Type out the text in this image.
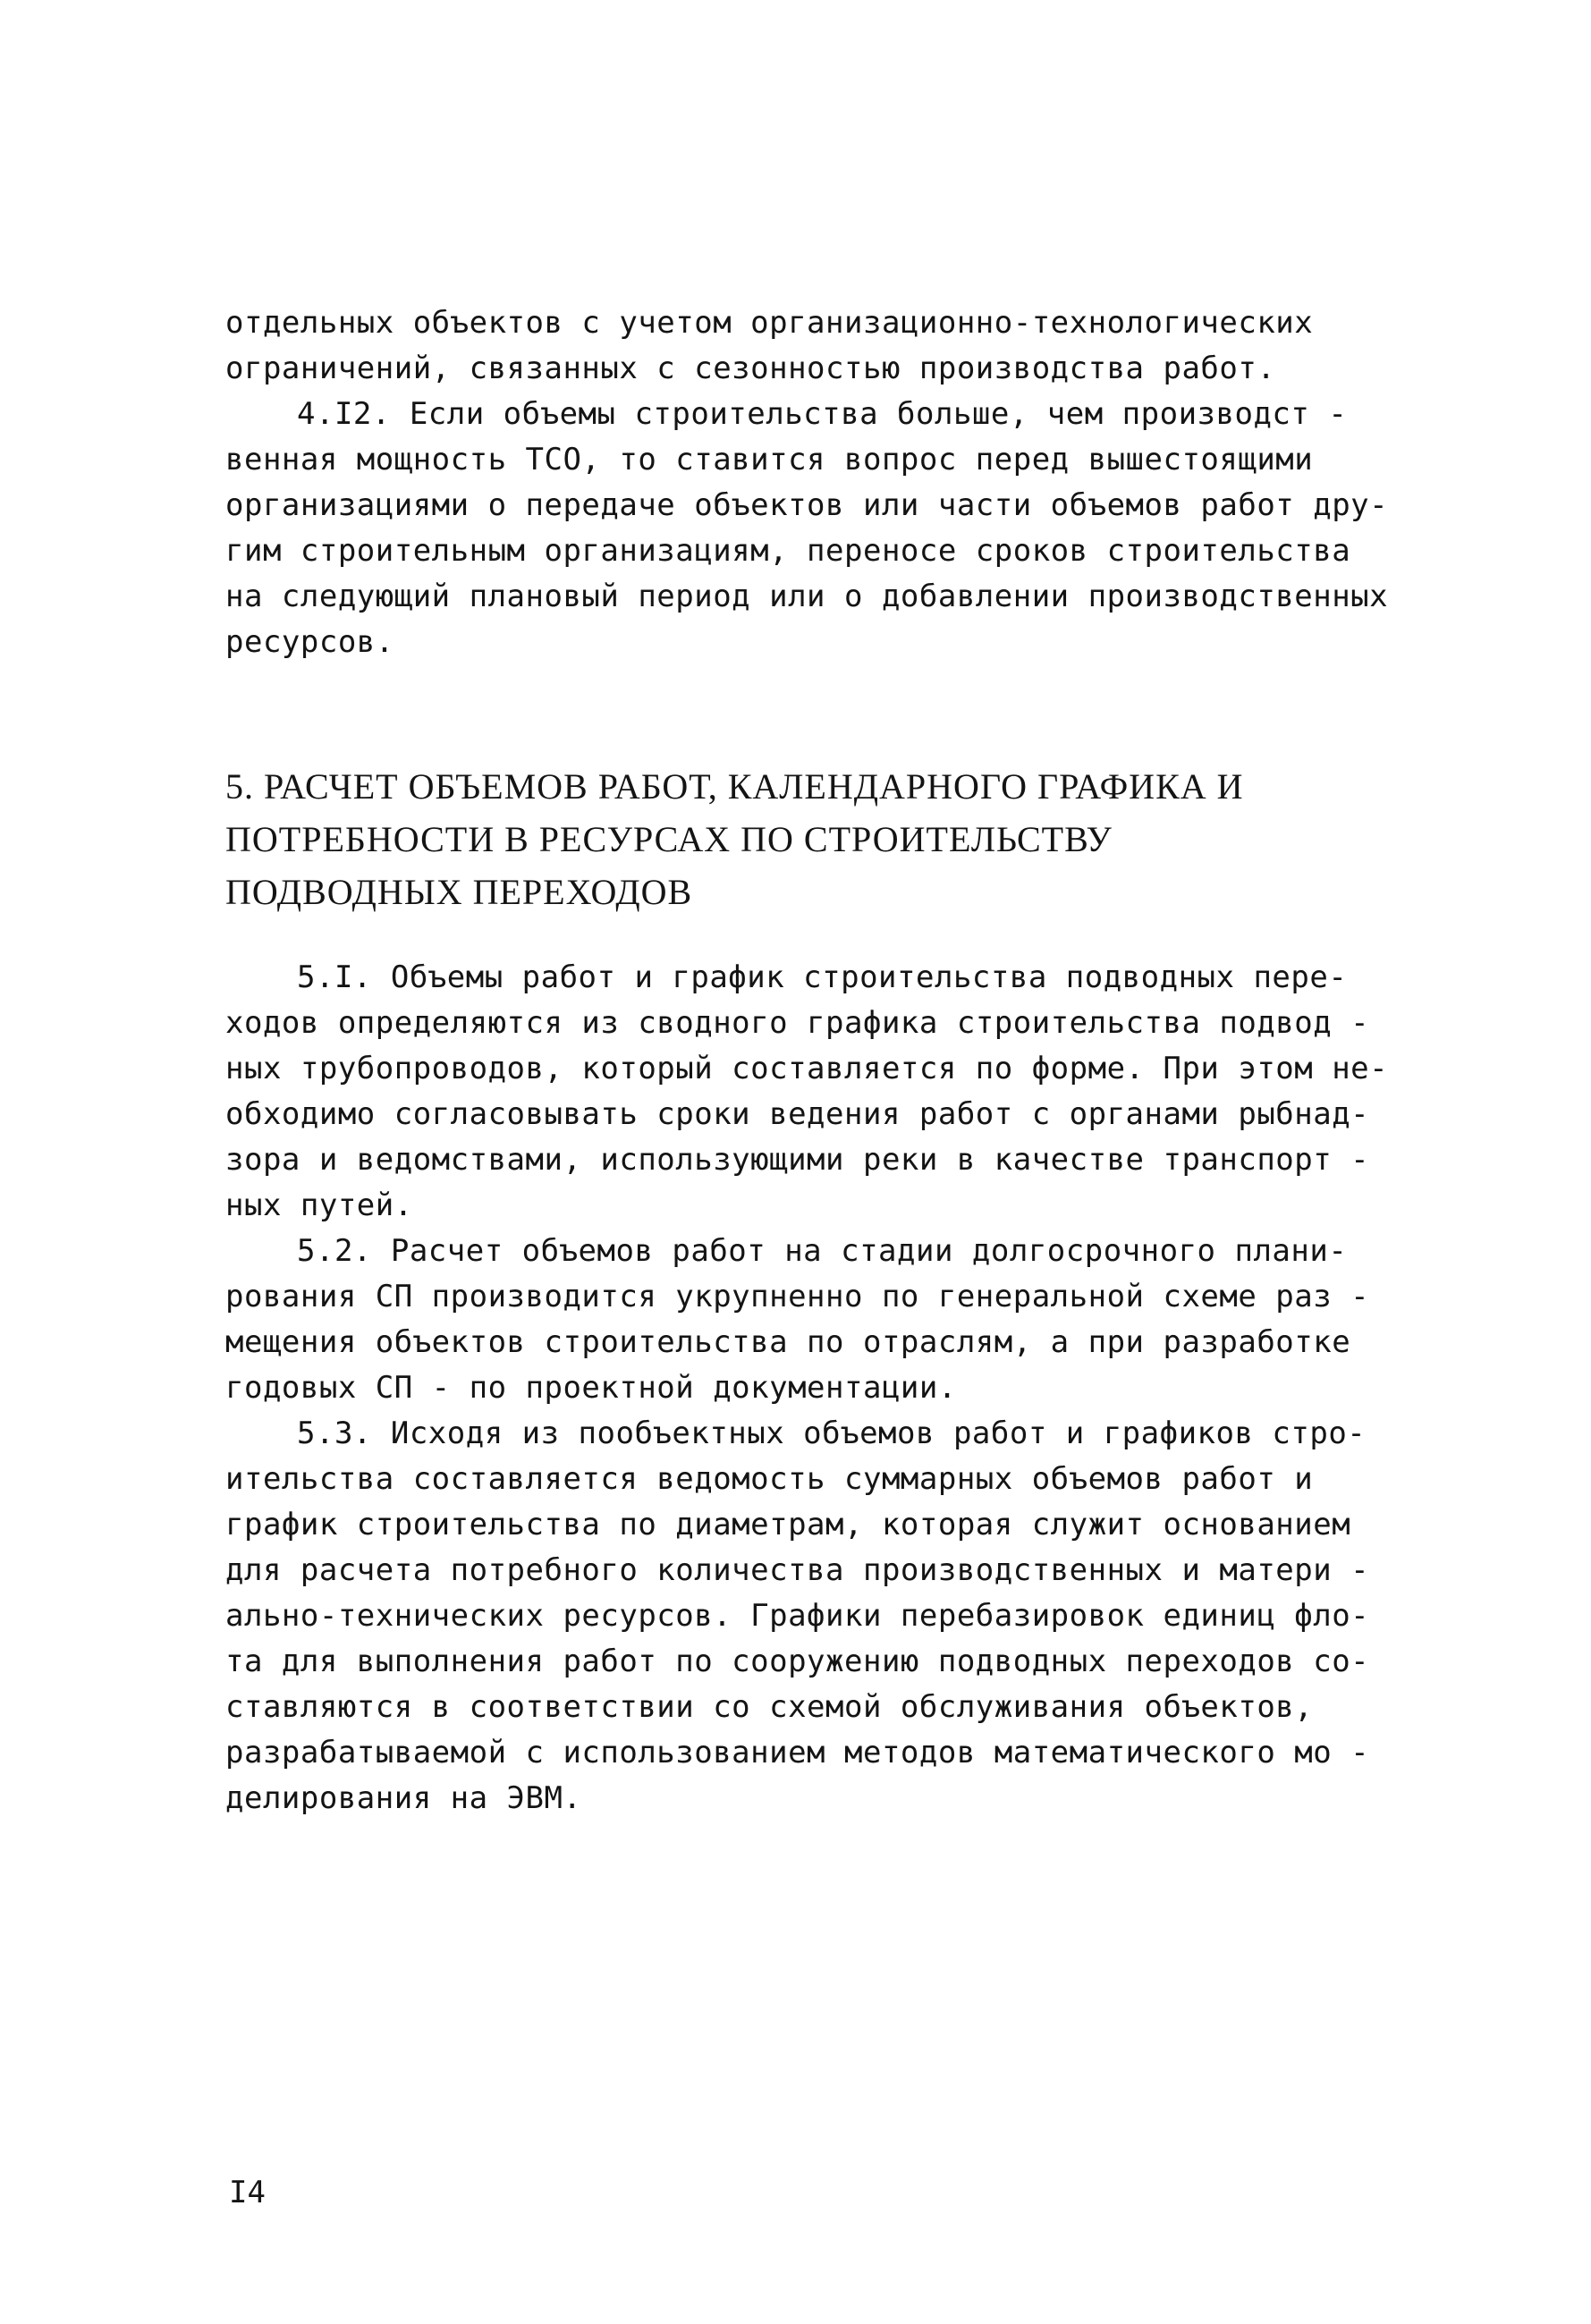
отдельных объектов с учетом организационно-технологических
ограничений, связанных с сезонностью производства работ.
4.I2. Если объемы строительства больше, чем производст -
венная мощность ТСО, то ставится вопрос перед вышестоящими
организациями о передаче объектов или части объемов работ дру-
гим строительным организациям, переносе сроков строительства
на следующий плановый период или о добавлении производственных
ресурсов.
5. РАСЧЕТ ОБЪЕМОВ РАБОТ, КАЛЕНДАРНОГО ГРАФИКА И
ПОТРЕБНОСТИ В РЕСУРСАХ ПО СТРОИТЕЛЬСТВУ
ПОДВОДНЫХ ПЕРЕХОДОВ
5.I. Объемы работ и график строительства подводных пере-
ходов определяются из сводного графика строительства подвод -
ных трубопроводов, который составляется по форме. При этом не-
обходимо согласовывать сроки ведения работ с органами рыбнад-
зора и ведомствами, использующими реки в качестве транспорт -
ных путей.
5.2. Расчет объемов работ на стадии долгосрочного плани-
рования СП производится укрупненно по генеральной схеме раз -
мещения объектов строительства по отраслям, а при разработке
годовых СП - по проектной документации.
5.3. Исходя из пообъектных объемов работ и графиков стро-
ительства составляется ведомость суммарных объемов работ и
график строительства по диаметрам, которая служит основанием
для расчета потребного количества производственных и матери -
ально-технических ресурсов. Графики перебазировок единиц фло-
та для выполнения работ по сооружению подводных переходов со-
ставляются в соответствии со схемой обслуживания объектов,
разрабатываемой с использованием методов математического мо -
делирования на ЭВМ.
I4
